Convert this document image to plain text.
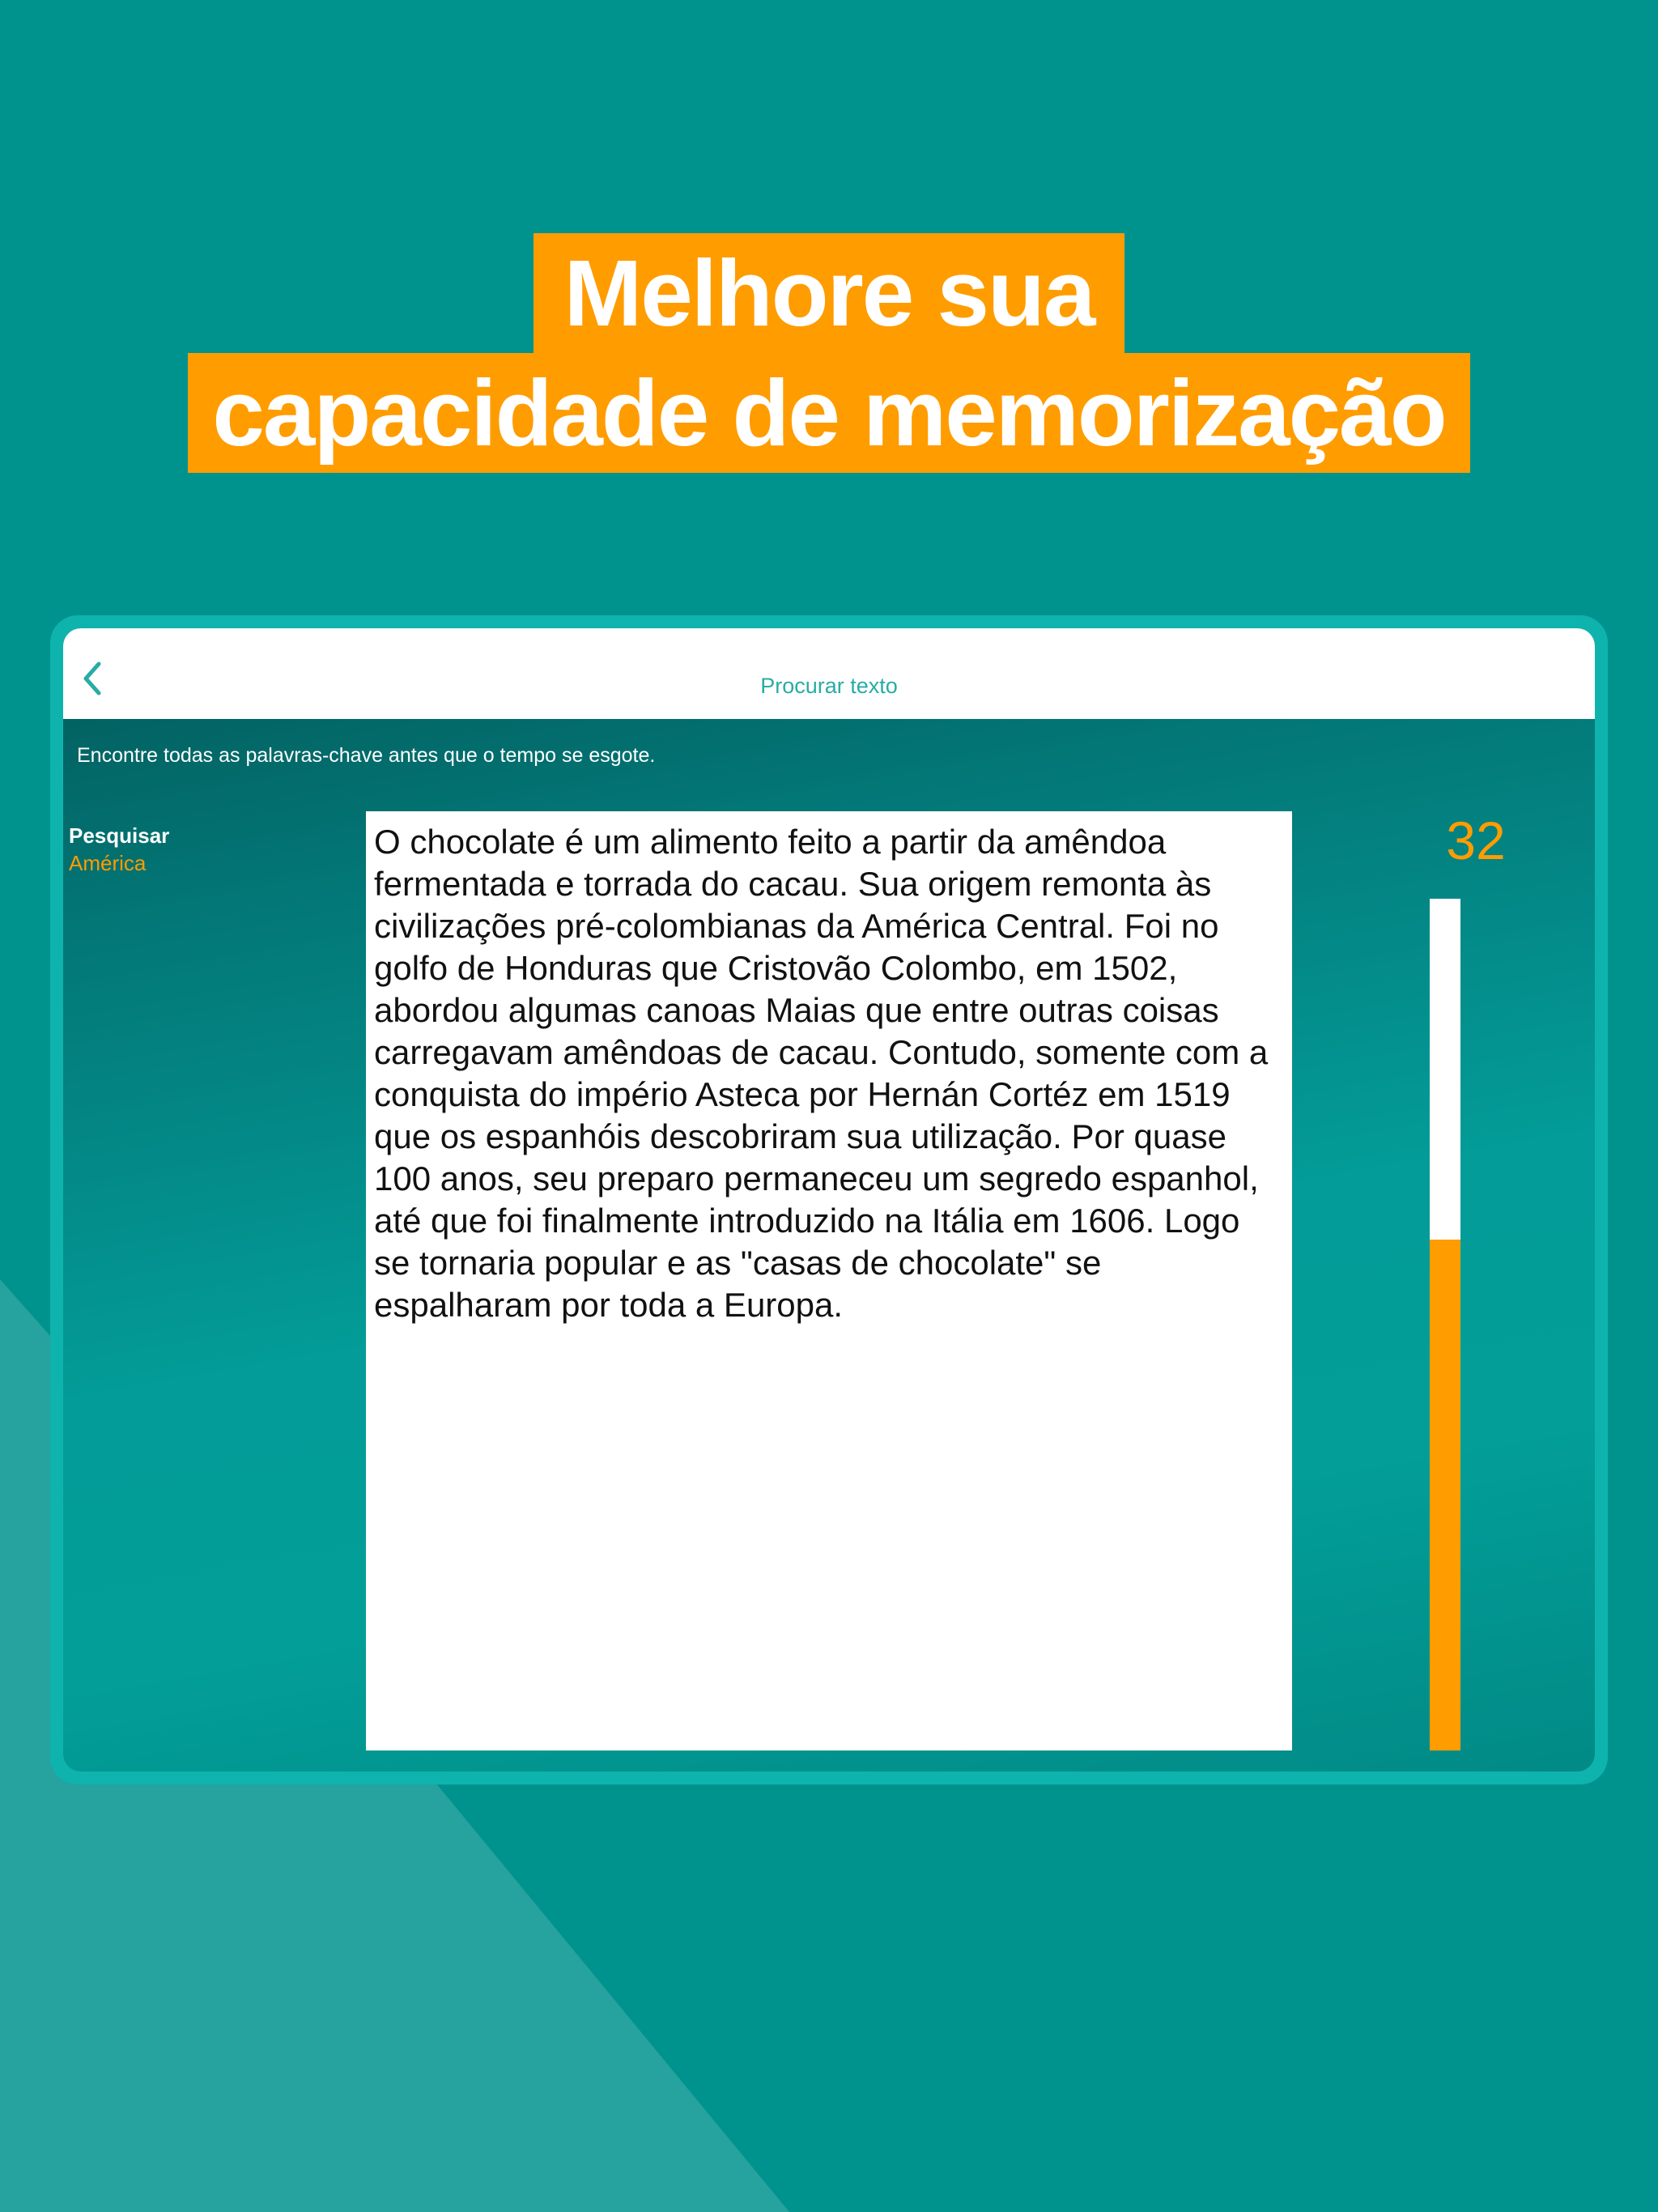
Melhore sua
capacidade de memorização
Procurar texto
Encontre todas as palavras-chave antes que o tempo se esgote.
Pesquisar
América

O chocolate é um alimento feito a partir da amêndoa fermentada e torrada do cacau. Sua origem remonta às civilizações pré-colombianas da América Central. Foi no golfo de Honduras que Cristovão Colombo, em 1502, abordou algumas canoas Maias que entre outras coisas carregavam amêndoas de cacau. Contudo, somente com a conquista do império Asteca por Hernán Cortéz em 1519 que os espanhóis descobriram sua utilização. Por quase 100 anos, seu preparo permaneceu um segredo espanhol, até que foi finalmente introduzido na Itália em 1606. Logo se tornaria popular e as "casas de chocolate" se espalharam por toda a Europa.

32
